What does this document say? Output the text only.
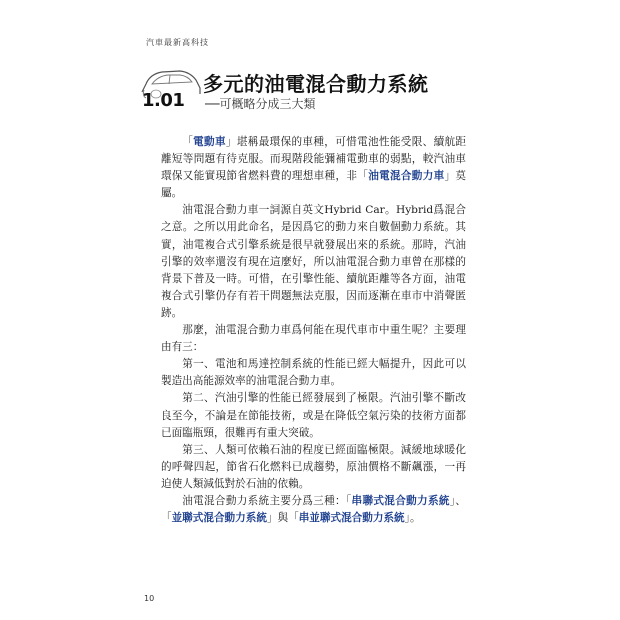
汽車最新高科技
1.01
多元的油電混合動力系統
──可概略分成三大類

「電動車」堪稱最環保的車種，可惜電池性能受限、續航距離短等問題有待克服。而現階段能彌補電動車的弱點，較汽油車環保又能實現節省燃料費的理想車種，非「油電混合動力車」莫屬。

油電混合動力車一詞源自英文Hybrid Car。Hybrid爲混合之意。之所以用此命名，是因爲它的動力來自數個動力系統。其實，油電複合式引擎系統是很早就發展出來的系統。那時，汽油引擎的效率還沒有現在這麼好，所以油電混合動力車曾在那樣的背景下普及一時。可惜，在引擎性能、續航距離等各方面，油電複合式引擎仍存有若干問題無法克服，因而逐漸在車市中消聲匿跡。

那麼，油電混合動力車爲何能在現代車市中重生呢？主要理由有三：

第一、電池和馬達控制系統的性能已經大幅提升，因此可以製造出高能源效率的油電混合動力車。

第二、汽油引擎的性能已經發展到了極限。汽油引擎不斷改良至今，不論是在節能技術，或是在降低空氣污染的技術方面都已面臨瓶頸，很難再有重大突破。

第三、人類可依賴石油的程度已經面臨極限。減緩地球暖化的呼聲四起，節省石化燃料已成趨勢，原油價格不斷飆漲，一再迫使人類減低對於石油的依賴。

油電混合動力系統主要分爲三種：「串聯式混合動力系統」、「並聯式混合動力系統」與「串並聯式混合動力系統」。

10
